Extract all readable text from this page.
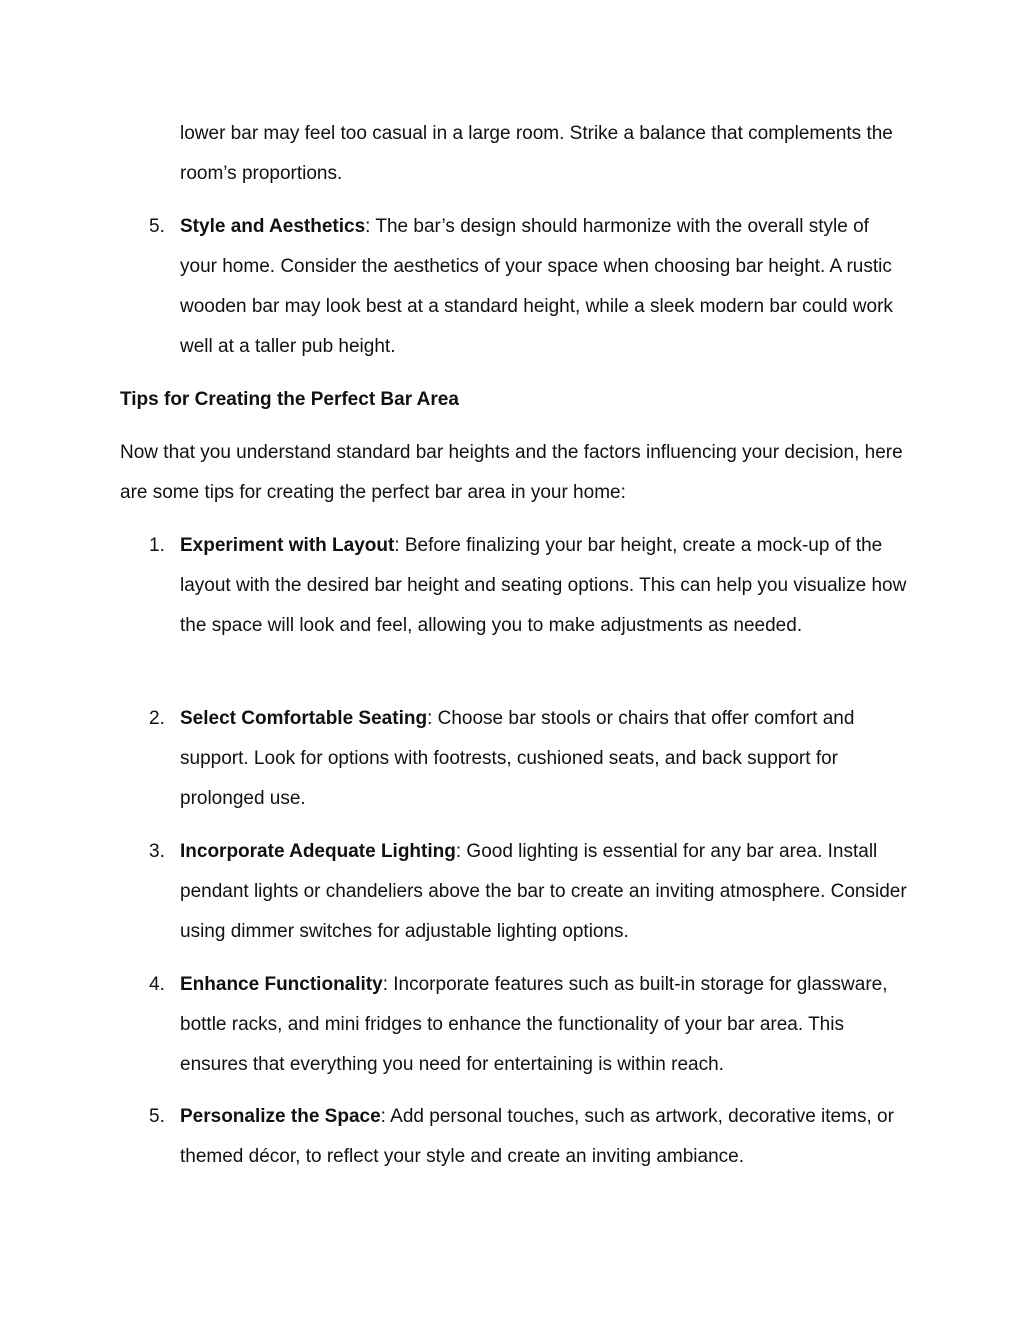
lower bar may feel too casual in a large room. Strike a balance that complements the room’s proportions.
5. Style and Aesthetics: The bar’s design should harmonize with the overall style of your home. Consider the aesthetics of your space when choosing bar height. A rustic wooden bar may look best at a standard height, while a sleek modern bar could work well at a taller pub height.
Tips for Creating the Perfect Bar Area
Now that you understand standard bar heights and the factors influencing your decision, here are some tips for creating the perfect bar area in your home:
1. Experiment with Layout: Before finalizing your bar height, create a mock-up of the layout with the desired bar height and seating options. This can help you visualize how the space will look and feel, allowing you to make adjustments as needed.
2. Select Comfortable Seating: Choose bar stools or chairs that offer comfort and support. Look for options with footrests, cushioned seats, and back support for prolonged use.
3. Incorporate Adequate Lighting: Good lighting is essential for any bar area. Install pendant lights or chandeliers above the bar to create an inviting atmosphere. Consider using dimmer switches for adjustable lighting options.
4. Enhance Functionality: Incorporate features such as built-in storage for glassware, bottle racks, and mini fridges to enhance the functionality of your bar area. This ensures that everything you need for entertaining is within reach.
5. Personalize the Space: Add personal touches, such as artwork, decorative items, or themed décor, to reflect your style and create an inviting ambiance.
